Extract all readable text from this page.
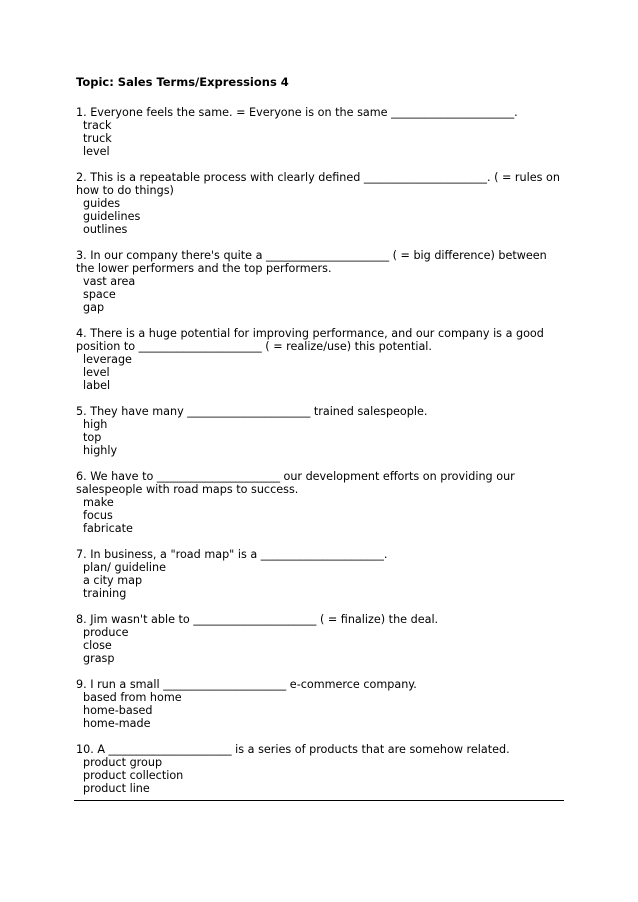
Topic: Sales Terms/Expressions 4
1. Everyone feels the same. = Everyone is on the same ______________________.
track
truck
level
2. This is a repeatable process with clearly defined ______________________. ( = rules on how to do things)
guides
guidelines
outlines
3. In our company there's quite a ______________________ ( = big difference) between the lower performers and the top performers.
vast area
space
gap
4. There is a huge potential for improving performance, and our company is a good position to ______________________ ( = realize/use) this potential.
leverage
level
label
5. They have many ______________________ trained salespeople.
high
top
highly
6. We have to ______________________ our development efforts on providing our salespeople with road maps to success.
make
focus
fabricate
7. In business, a "road map" is a ______________________.
plan/ guideline
a city map
training
8. Jim wasn't able to ______________________ ( = finalize) the deal.
produce
close
grasp
9. I run a small ______________________ e-commerce company.
based from home
home-based
home-made
10. A ______________________ is a series of products that are somehow related.
product group
product collection
product line
